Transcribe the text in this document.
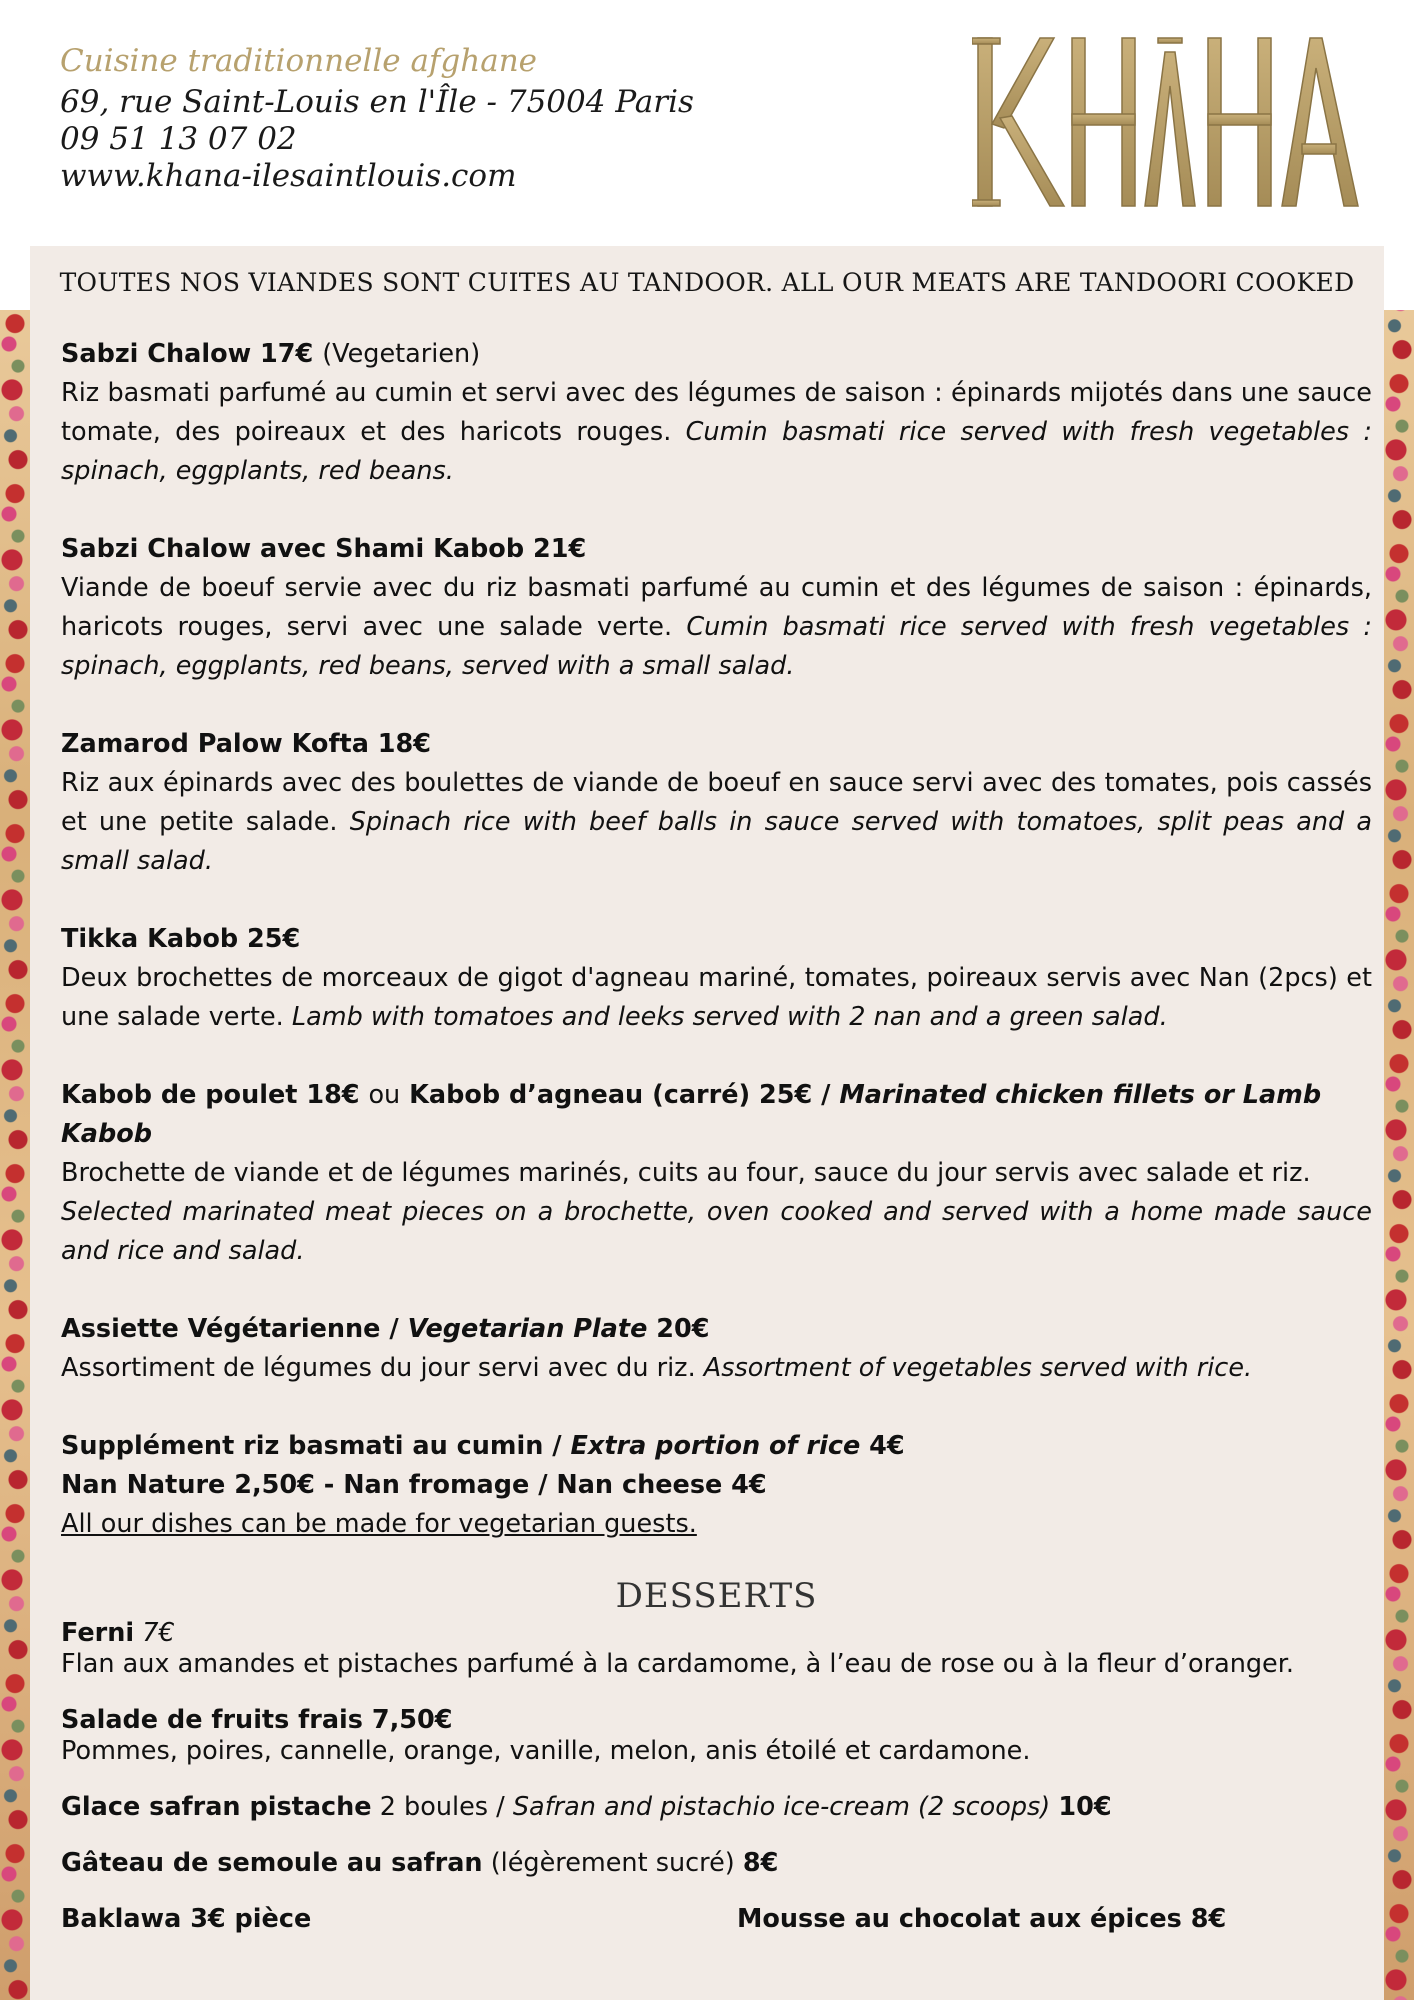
Cuisine traditionnelle afghane
69, rue Saint-Louis en l'Île - 75004 Paris
09 51 13 07 02
www.khana-ilesaintlouis.com
TOUTES NOS VIANDES SONT CUITES AU TANDOOR. ALL OUR MEATS ARE TANDOORI COOKED
Sabzi Chalow 17€ (Vegetarien)
Riz basmati parfumé au cumin et servi avec des légumes de saison : épinards mijotés dans une sauce tomate, des poireaux et des haricots rouges. Cumin basmati rice served with fresh vegetables : spinach, eggplants, red beans.
Sabzi Chalow avec Shami Kabob 21€
Viande de boeuf servie avec du riz basmati parfumé au cumin et des légumes de saison : épinards, haricots rouges, servi avec une salade verte. Cumin basmati rice served with fresh vegetables : spinach, eggplants, red beans, served with a small salad.
Zamarod Palow Kofta 18€
Riz aux épinards avec des boulettes de viande de boeuf en sauce servi avec des tomates, pois cassés et une petite salade. Spinach rice with beef balls in sauce served with tomatoes, split peas and a small salad.
Tikka Kabob 25€
Deux brochettes de morceaux de gigot d'agneau mariné, tomates, poireaux servis avec Nan (2pcs) et une salade verte. Lamb with tomatoes and leeks served with 2 nan and a green salad.
Kabob de poulet 18€ ou Kabob d’agneau (carré) 25€ / Marinated chicken fillets or Lamb Kabob
Brochette de viande et de légumes marinés, cuits au four, sauce du jour servis avec salade et riz.
Selected marinated meat pieces on a brochette, oven cooked and served with a home made sauce and rice and salad.
Assiette Végétarienne / Vegetarian Plate 20€
Assortiment de légumes du jour servi avec du riz. Assortment of vegetables served with rice.
Supplément riz basmati au cumin / Extra portion of rice 4€
Nan Nature 2,50€ - Nan fromage / Nan cheese 4€
All our dishes can be made for vegetarian guests.
DESSERTS
Ferni 7€
Flan aux amandes et pistaches parfumé à la cardamome, à l’eau de rose ou à la fleur d’oranger.
Salade de fruits frais 7,50€
Pommes, poires, cannelle, orange, vanille, melon, anis étoilé et cardamone.
Glace safran pistache 2 boules / Safran and pistachio ice-cream (2 scoops) 10€
Gâteau de semoule au safran (légèrement sucré) 8€
Baklawa 3€ pièce	Mousse au chocolat aux épices 8€
